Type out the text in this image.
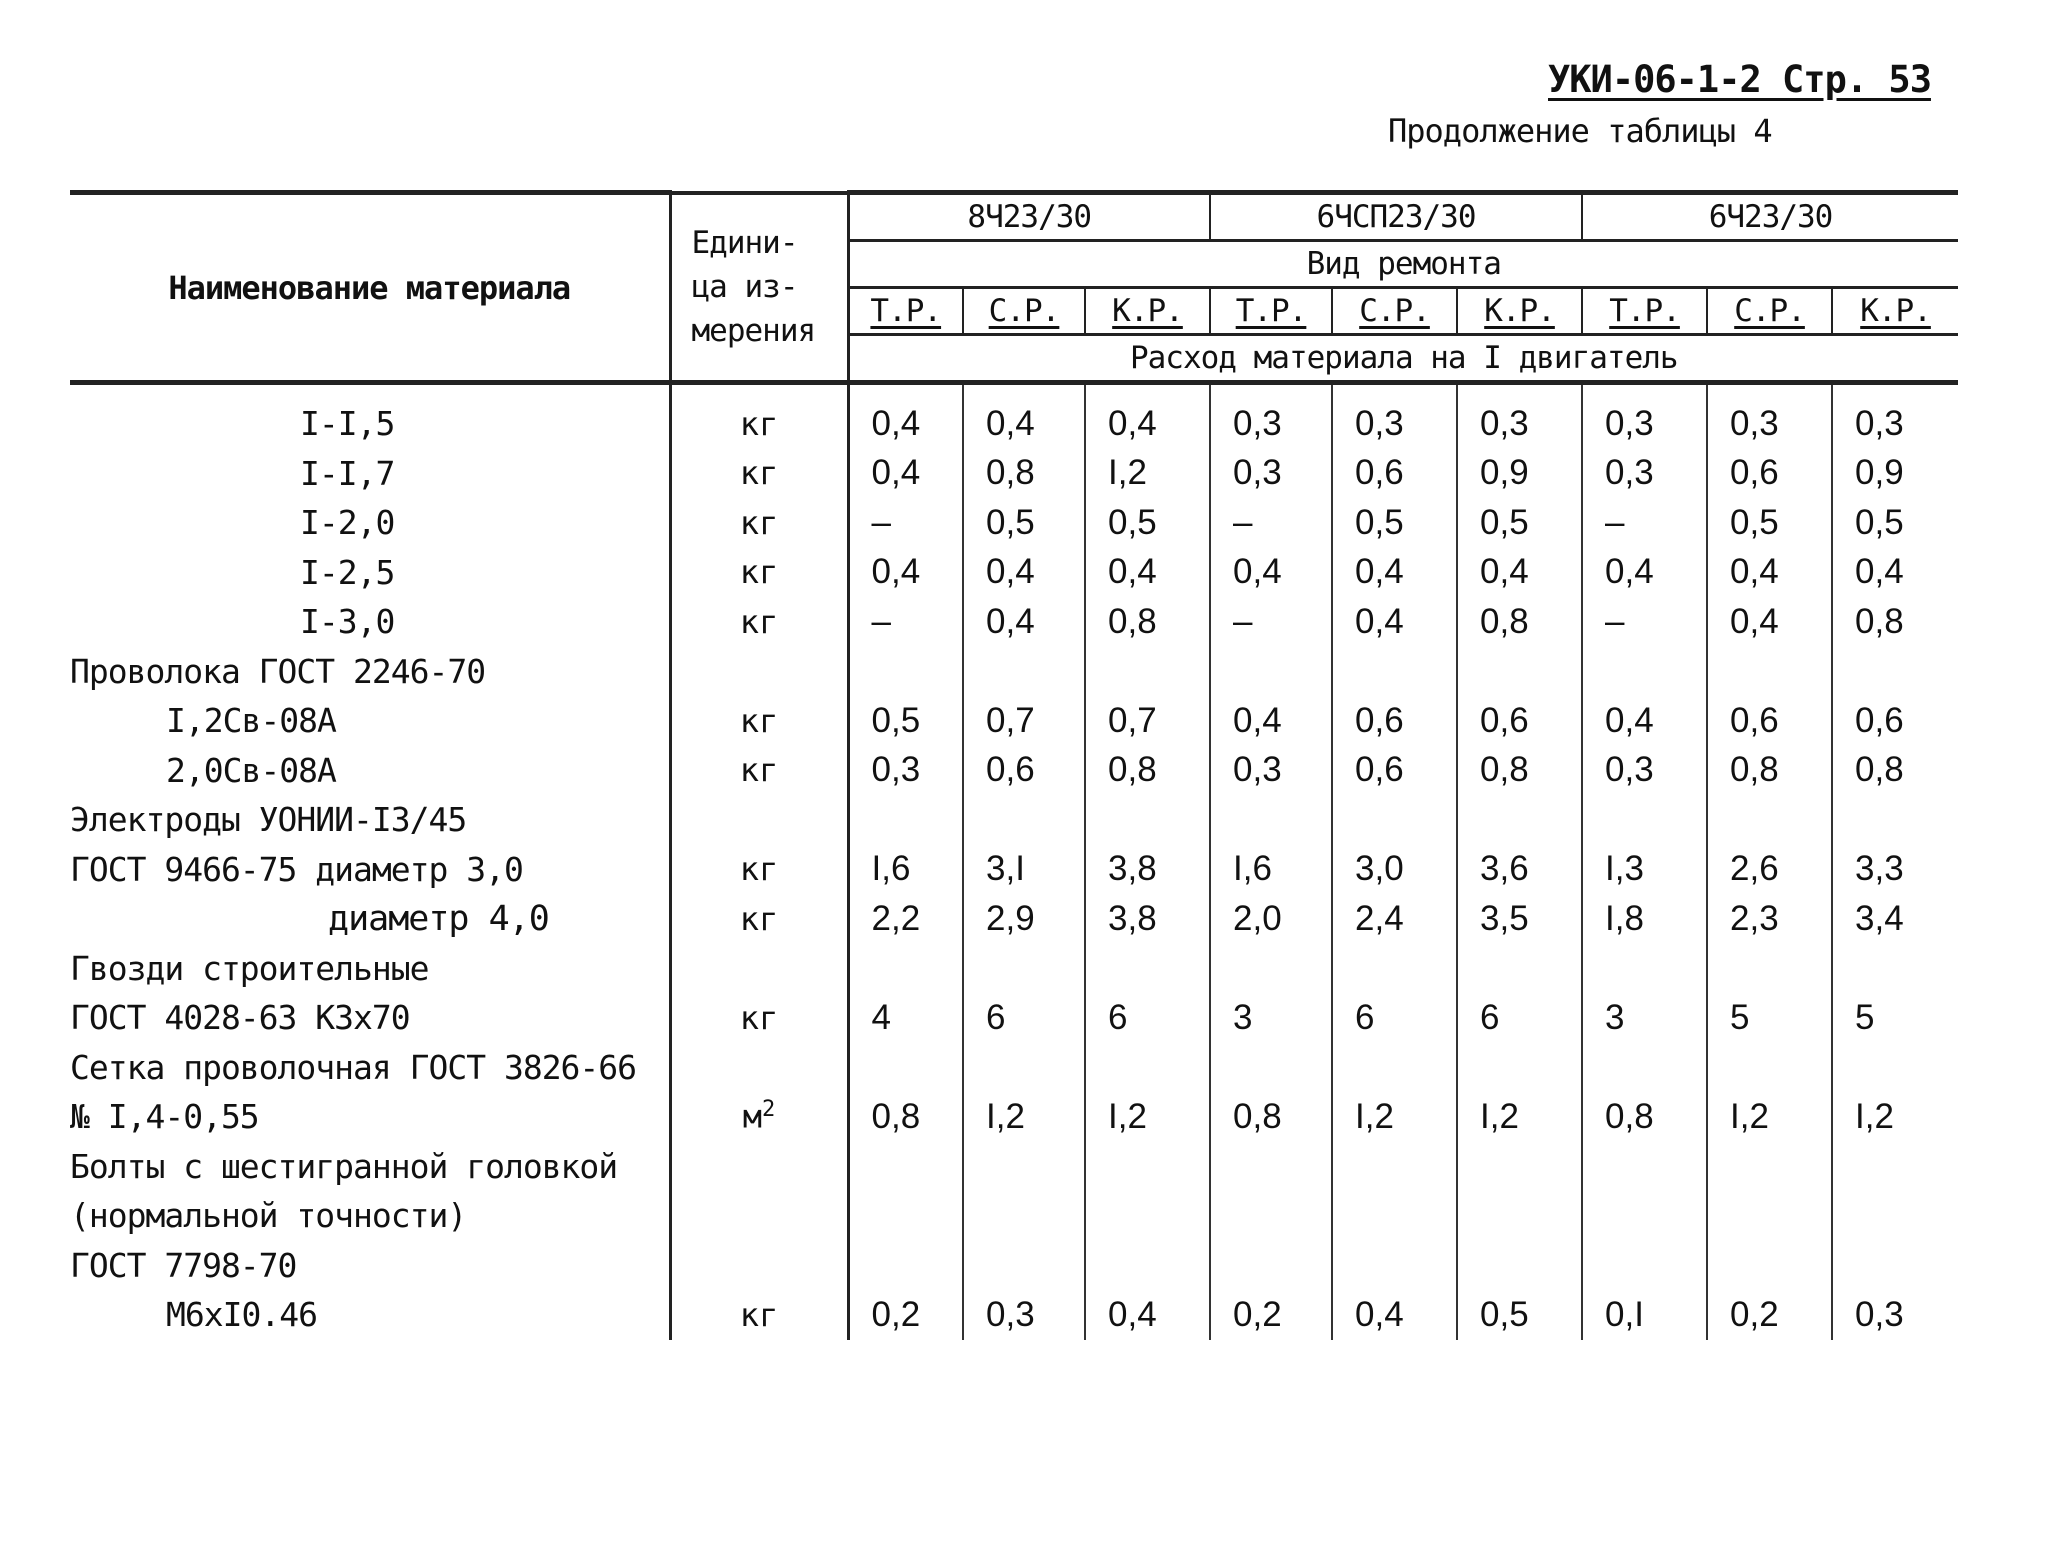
УКИ-06-1-2 Стр. 53
Продолжение таблицы 4
Наименование материала	Едини- ца из- мерения	8Ч23/30			6ЧСП23/30			6Ч23/30		
		Вид ремонта								
		Т.Р.	С.Р.	К.Р.	Т.Р.	С.Р.	К.Р.	Т.Р.	С.Р.	К.Р.
		Расход материала на I двигатель								
I-I,5	кг	0,4	0,4	0,4	0,3	0,3	0,3	0,3	0,3	0,3
I-I,7	кг	0,4	0,8	I,2	0,3	0,6	0,9	0,3	0,6	0,9
I-2,0	кг	–	0,5	0,5	–	0,5	0,5	–	0,5	0,5
I-2,5	кг	0,4	0,4	0,4	0,4	0,4	0,4	0,4	0,4	0,4
I-3,0	кг	–	0,4	0,8	–	0,4	0,8	–	0,4	0,8
Проволока ГОСТ 2246-70										
I,2Св-08А	кг	0,5	0,7	0,7	0,4	0,6	0,6	0,4	0,6	0,6
2,0Св-08А	кг	0,3	0,6	0,8	0,3	0,6	0,8	0,3	0,8	0,8
Электроды УОНИИ-I3/45										
ГОСТ 9466-75 диаметр 3,0	кг	I,6	3,I	3,8	I,6	3,0	3,6	I,3	2,6	3,3
диаметр 4,0	кг	2,2	2,9	3,8	2,0	2,4	3,5	I,8	2,3	3,4
Гвозди строительные										
ГОСТ 4028-63 К3х70	кг	4	6	6	3	6	6	3	5	5
Сетка проволочная ГОСТ 3826-66										
№ I,4-0,55	$м^2$	0,8	I,2	I,2	0,8	I,2	I,2	0,8	I,2	I,2
Болты с шестигранной головкой										
(нормальной точности)										
ГОСТ 7798-70										
М6хI0.46	кг	0,2	0,3	0,4	0,2	0,4	0,5	0,I	0,2	0,3
